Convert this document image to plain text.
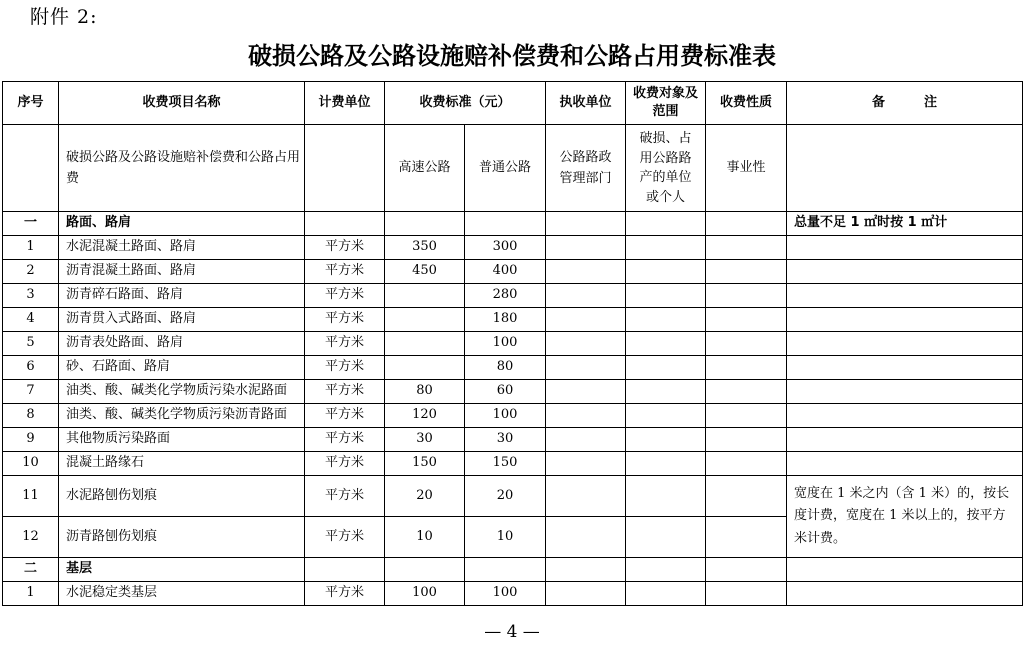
附件 2:
破损公路及公路设施赔补偿费和公路占用费标准表
序号	收费项目名称	计费单位	收费标准（元）		执收单位	收费对象及范围	收费性质	备　　　注
	破损公路及公路设施赔补偿费和公路占用费		高速公路	普通公路	公路路政管理部门	破损、占用公路路产的单位或个人	事业性	
一	路面、路肩							总量不足 1 ㎡时按 1 ㎡计
1	水泥混凝土路面、路肩	平方米	350	300				
2	沥青混凝土路面、路肩	平方米	450	400				
3	沥青碎石路面、路肩	平方米		280				
4	沥青贯入式路面、路肩	平方米		180				
5	沥青表处路面、路肩	平方米		100				
6	砂、石路面、路肩	平方米		80				
7	油类、酸、碱类化学物质污染水泥路面	平方米	80	60				
8	油类、酸、碱类化学物质污染沥青路面	平方米	120	100				
9	其他物质污染路面	平方米	30	30				
10	混凝土路缘石	平方米	150	150				
11	水泥路刨伤划痕	平方米	20	20				宽度在 1 米之内（含 1 米）的，按长度计费，宽度在 1 米以上的，按平方米计费。
12	沥青路刨伤划痕	平方米	10	10				
二	基层							
1	水泥稳定类基层	平方米	100	100				
— 4 —
